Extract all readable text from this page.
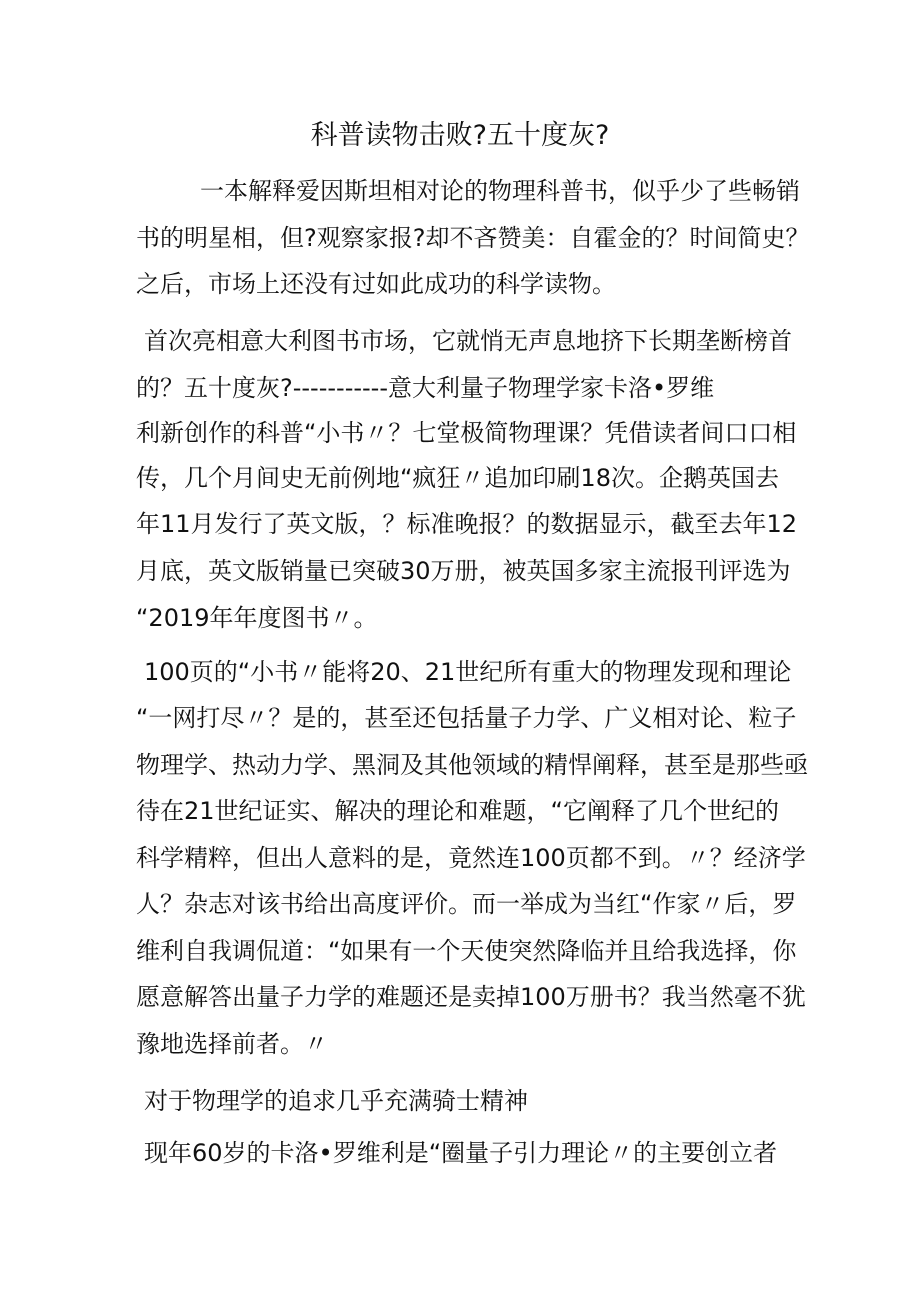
科普读物击败?五十度灰?
一本解释爱因斯坦相对论的物理科普书，似乎少了些畅销
书的明星相，但?观察家报?却不吝赞美：自霍金的？时间简史？
之后，市场上还没有过如此成功的科学读物。
首次亮相意大利图书市场，它就悄无声息地挤下长期垄断榜首
的？五十度灰?-----------意大利量子物理学家卡洛•罗维
利新创作的科普“小书〃？七堂极简物理课？凭借读者间口口相
传，几个月间史无前例地“疯狂〃追加印刷18次。企鹅英国去
年11月发行了英文版，？标准晚报？的数据显示，截至去年12
月底，英文版销量已突破30万册，被英国多家主流报刊评选为
“2019年年度图书〃。
100页的“小书〃能将20、21世纪所有重大的物理发现和理论
“一网打尽〃？是的，甚至还包括量子力学、广义相对论、粒子
物理学、热动力学、黑洞及其他领域的精悍阐释，甚至是那些亟
待在21世纪证实、解决的理论和难题，“它阐释了几个世纪的
科学精粹，但出人意料的是，竟然连100页都不到。〃？经济学
人？杂志对该书给出高度评价。而一举成为当红“作家〃后，罗
维利自我调侃道：“如果有一个天使突然降临并且给我选择，你
愿意解答出量子力学的难题还是卖掉100万册书？我当然毫不犹
豫地选择前者。〃
对于物理学的追求几乎充满骑士精神
现年60岁的卡洛•罗维利是“圈量子引力理论〃的主要创立者
